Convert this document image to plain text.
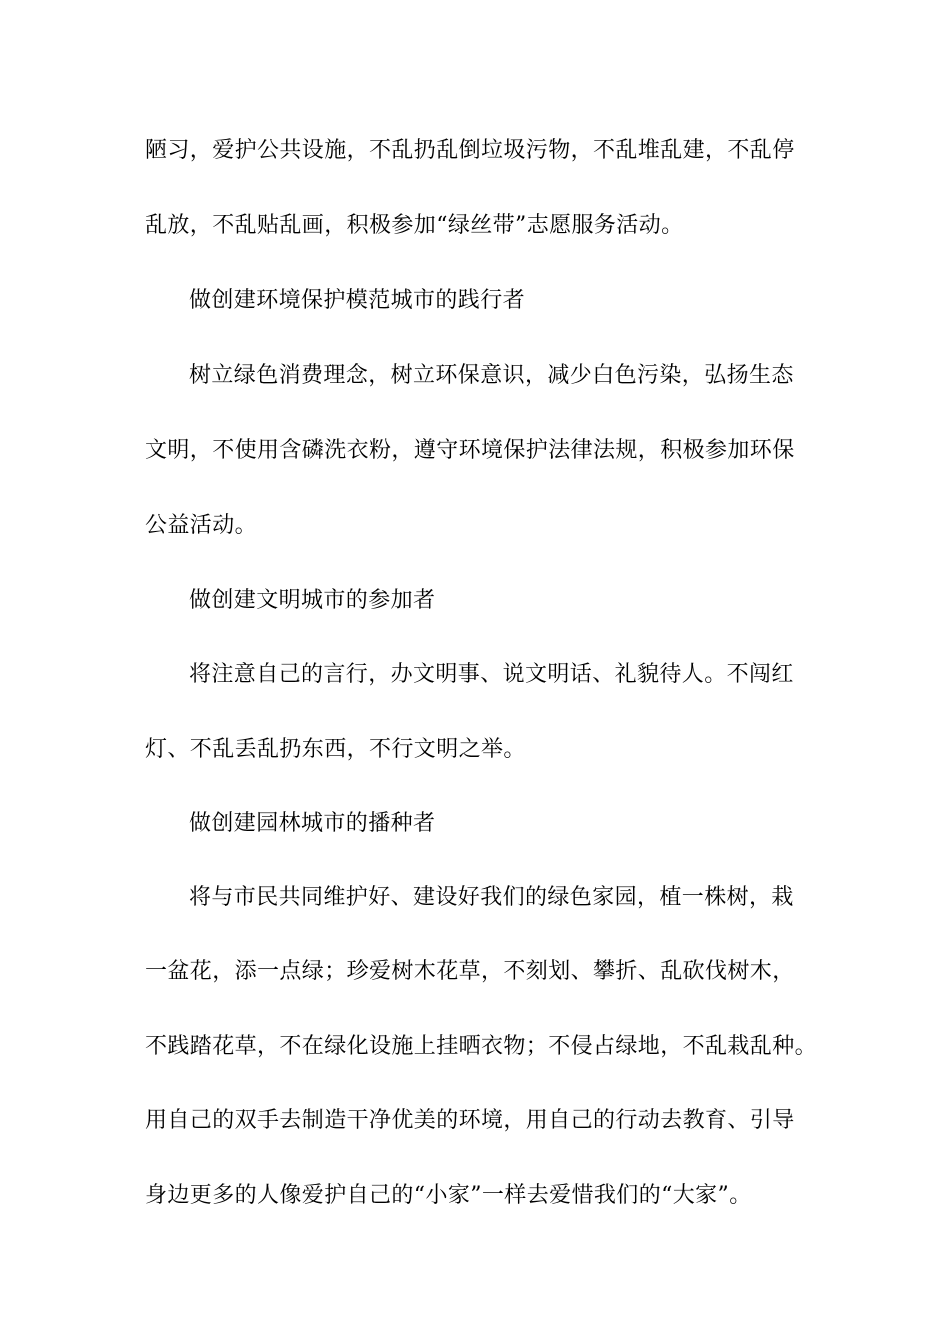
陋习，爱护公共设施，不乱扔乱倒垃圾污物，不乱堆乱建，不乱停
乱放，不乱贴乱画，积极参加“绿丝带”志愿服务活动。
做创建环境保护模范城市的践行者
树立绿色消费理念，树立环保意识，减少白色污染，弘扬生态
文明，不使用含磷洗衣粉，遵守环境保护法律法规，积极参加环保
公益活动。
做创建文明城市的参加者
将注意自己的言行，办文明事、说文明话、礼貌待人。不闯红
灯、不乱丢乱扔东西，不行文明之举。
做创建园林城市的播种者
将与市民共同维护好、建设好我们的绿色家园，植一株树，栽
一盆花，添一点绿；珍爱树木花草，不刻划、攀折、乱砍伐树木，
不践踏花草，不在绿化设施上挂晒衣物；不侵占绿地，不乱栽乱种。
用自己的双手去制造干净优美的环境，用自己的行动去教育、引导
身边更多的人像爱护自己的“小家”一样去爱惜我们的“大家”。
